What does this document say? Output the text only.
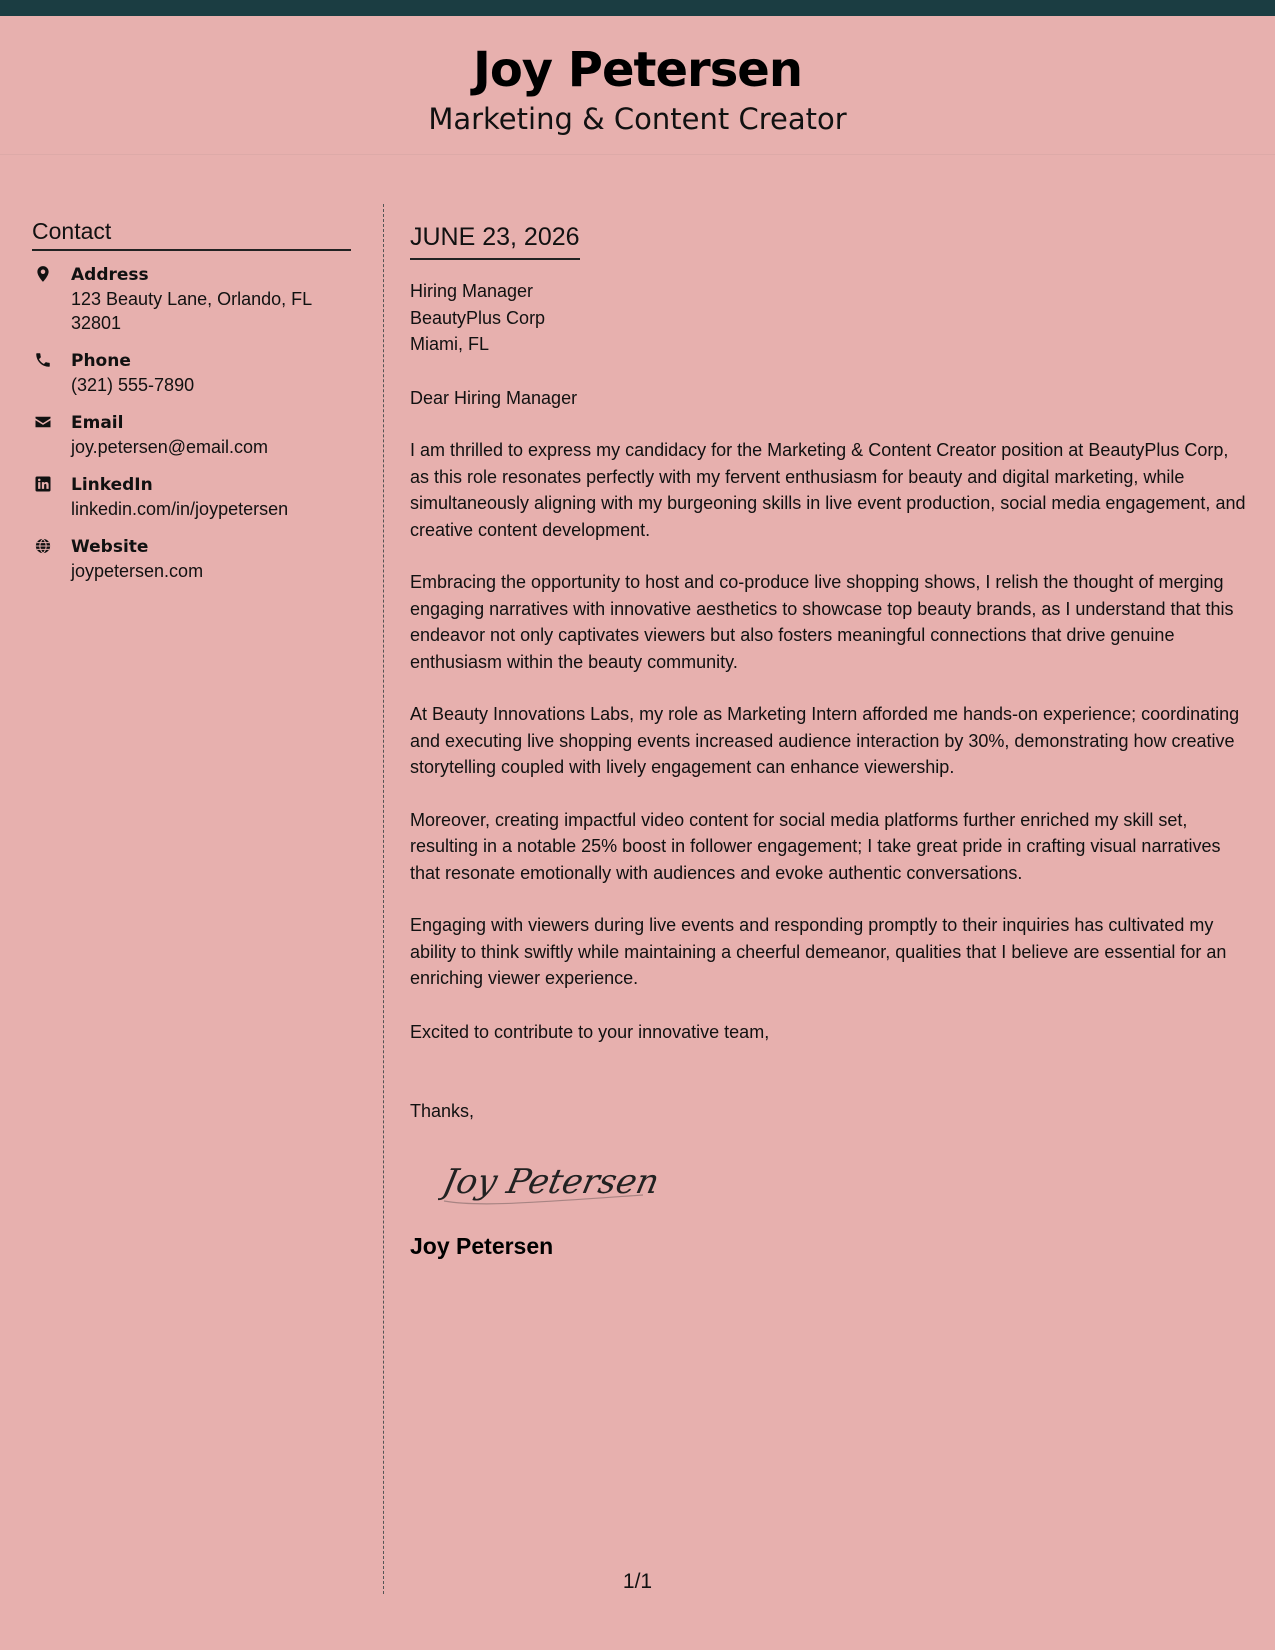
Joy Petersen
Marketing & Content Creator
Contact
Address
123 Beauty Lane, Orlando, FL 32801
Phone
(321) 555-7890
Email
joy.petersen@email.com
LinkedIn
linkedin.com/in/joypetersen
Website
joypetersen.com
JUNE 23, 2026
Hiring Manager
BeautyPlus Corp
Miami, FL
Dear Hiring Manager
I am thrilled to express my candidacy for the Marketing & Content Creator position at BeautyPlus Corp, as this role resonates perfectly with my fervent enthusiasm for beauty and digital marketing, while simultaneously aligning with my burgeoning skills in live event production, social media engagement, and creative content development.
Embracing the opportunity to host and co-produce live shopping shows, I relish the thought of merging engaging narratives with innovative aesthetics to showcase top beauty brands, as I understand that this endeavor not only captivates viewers but also fosters meaningful connections that drive genuine enthusiasm within the beauty community.
At Beauty Innovations Labs, my role as Marketing Intern afforded me hands-on experience; coordinating and executing live shopping events increased audience interaction by 30%, demonstrating how creative storytelling coupled with lively engagement can enhance viewership.
Moreover, creating impactful video content for social media platforms further enriched my skill set, resulting in a notable 25% boost in follower engagement; I take great pride in crafting visual narratives that resonate emotionally with audiences and evoke authentic conversations.
Engaging with viewers during live events and responding promptly to their inquiries has cultivated my ability to think swiftly while maintaining a cheerful demeanor, qualities that I believe are essential for an enriching viewer experience.
Excited to contribute to your innovative team,
Thanks,
Joy Petersen
Joy Petersen
1/1
